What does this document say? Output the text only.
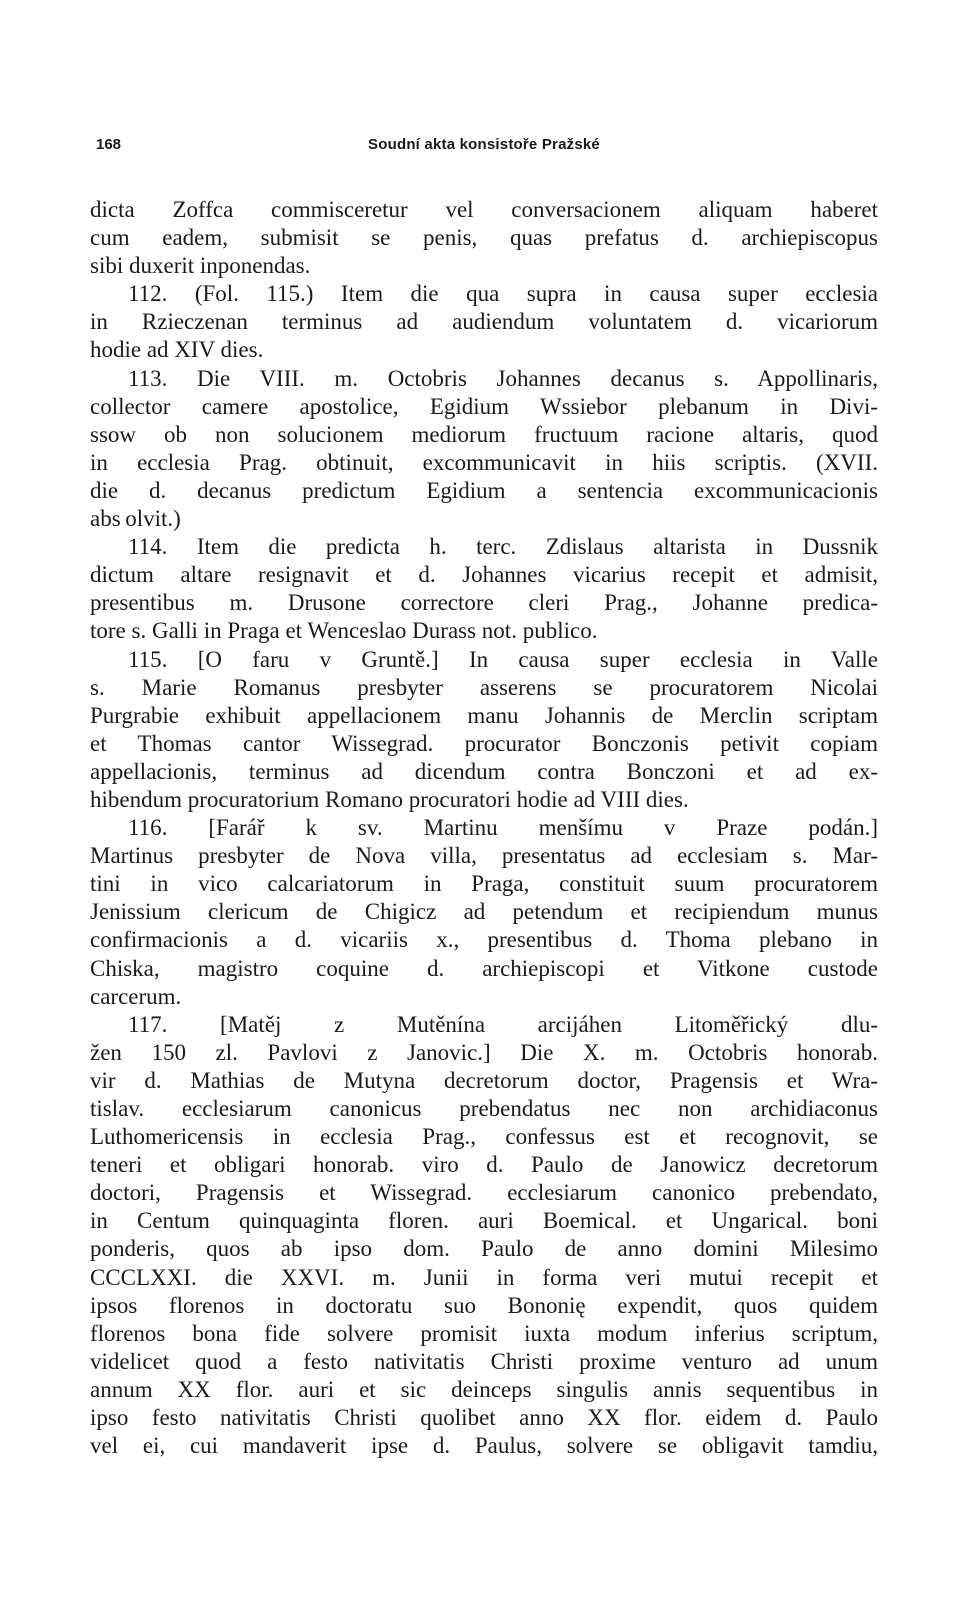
168	Soudní akta konsistoře Pražské
dicta Zoffca commisceretur vel conversacionem aliquam haberet
cum eadem, submisit se penis, quas prefatus d. archiepiscopus
sibi duxerit inponendas.
112. (Fol. 115.) Item die qua supra in causa super ecclesia
in Rzieczenan terminus ad audiendum voluntatem d. vicariorum
hodie ad XIV dies.
113. Die VIII. m. Octobris Johannes decanus s. Appollinaris,
collector camere apostolice, Egidium Wssiebor plebanum in Divi-
ssow ob non solucionem mediorum fructuum racione altaris, quod
in ecclesia Prag. obtinuit, excommunicavit in hiis scriptis. (XVII.
die d. decanus predictum Egidium a sentencia excommunicacionis
abs olvit.)
114. Item die predicta h. terc. Zdislaus altarista in Dussnik
dictum altare resignavit et d. Johannes vicarius recepit et admisit,
presentibus m. Drusone correctore cleri Prag., Johanne predica-
tore s. Galli in Praga et Wenceslao Durass not. publico.
115. [O faru v Gruntě.] In causa super ecclesia in Valle
s. Marie Romanus presbyter asserens se procuratorem Nicolai
Purgrabie exhibuit appellacionem manu Johannis de Merclin scriptam
et Thomas cantor Wissegrad. procurator Bonczonis petivit copiam
appellacionis, terminus ad dicendum contra Bonczoni et ad ex-
hibendum procuratorium Romano procuratori hodie ad VIII dies.
116. [Farář k sv. Martinu menšímu v Praze podán.]
Martinus presbyter de Nova villa, presentatus ad ecclesiam s. Mar-
tini in vico calcariatorum in Praga, constituit suum procuratorem
Jenissium clericum de Chigicz ad petendum et recipiendum munus
confirmacionis a d. vicariis x., presentibus d. Thoma plebano in
Chiska, magistro coquine d. archiepiscopi et Vitkone custode
carcerum.
117. [Matěj z Mutěnína arcijáhen Litoměřický dlu-
žen 150 zl. Pavlovi z Janovic.] Die X. m. Octobris honorab.
vir d. Mathias de Mutyna decretorum doctor, Pragensis et Wra-
tislav. ecclesiarum canonicus prebendatus nec non archidiaconus
Luthomericensis in ecclesia Prag., confessus est et recognovit, se
teneri et obligari honorab. viro d. Paulo de Janowicz decretorum
doctori, Pragensis et Wissegrad. ecclesiarum canonico prebendato,
in Centum quinquaginta floren. auri Boemical. et Ungarical. boni
ponderis, quos ab ipso dom. Paulo de anno domini Milesimo
CCCLXXI. die XXVI. m. Junii in forma veri mutui recepit et
ipsos florenos in doctoratu suo Bononię expendit, quos quidem
florenos bona fide solvere promisit iuxta modum inferius scriptum,
videlicet quod a festo nativitatis Christi proxime venturo ad unum
annum XX flor. auri et sic deinceps singulis annis sequentibus in
ipso festo nativitatis Christi quolibet anno XX flor. eidem d. Paulo
vel ei, cui mandaverit ipse d. Paulus, solvere se obligavit tamdiu,
